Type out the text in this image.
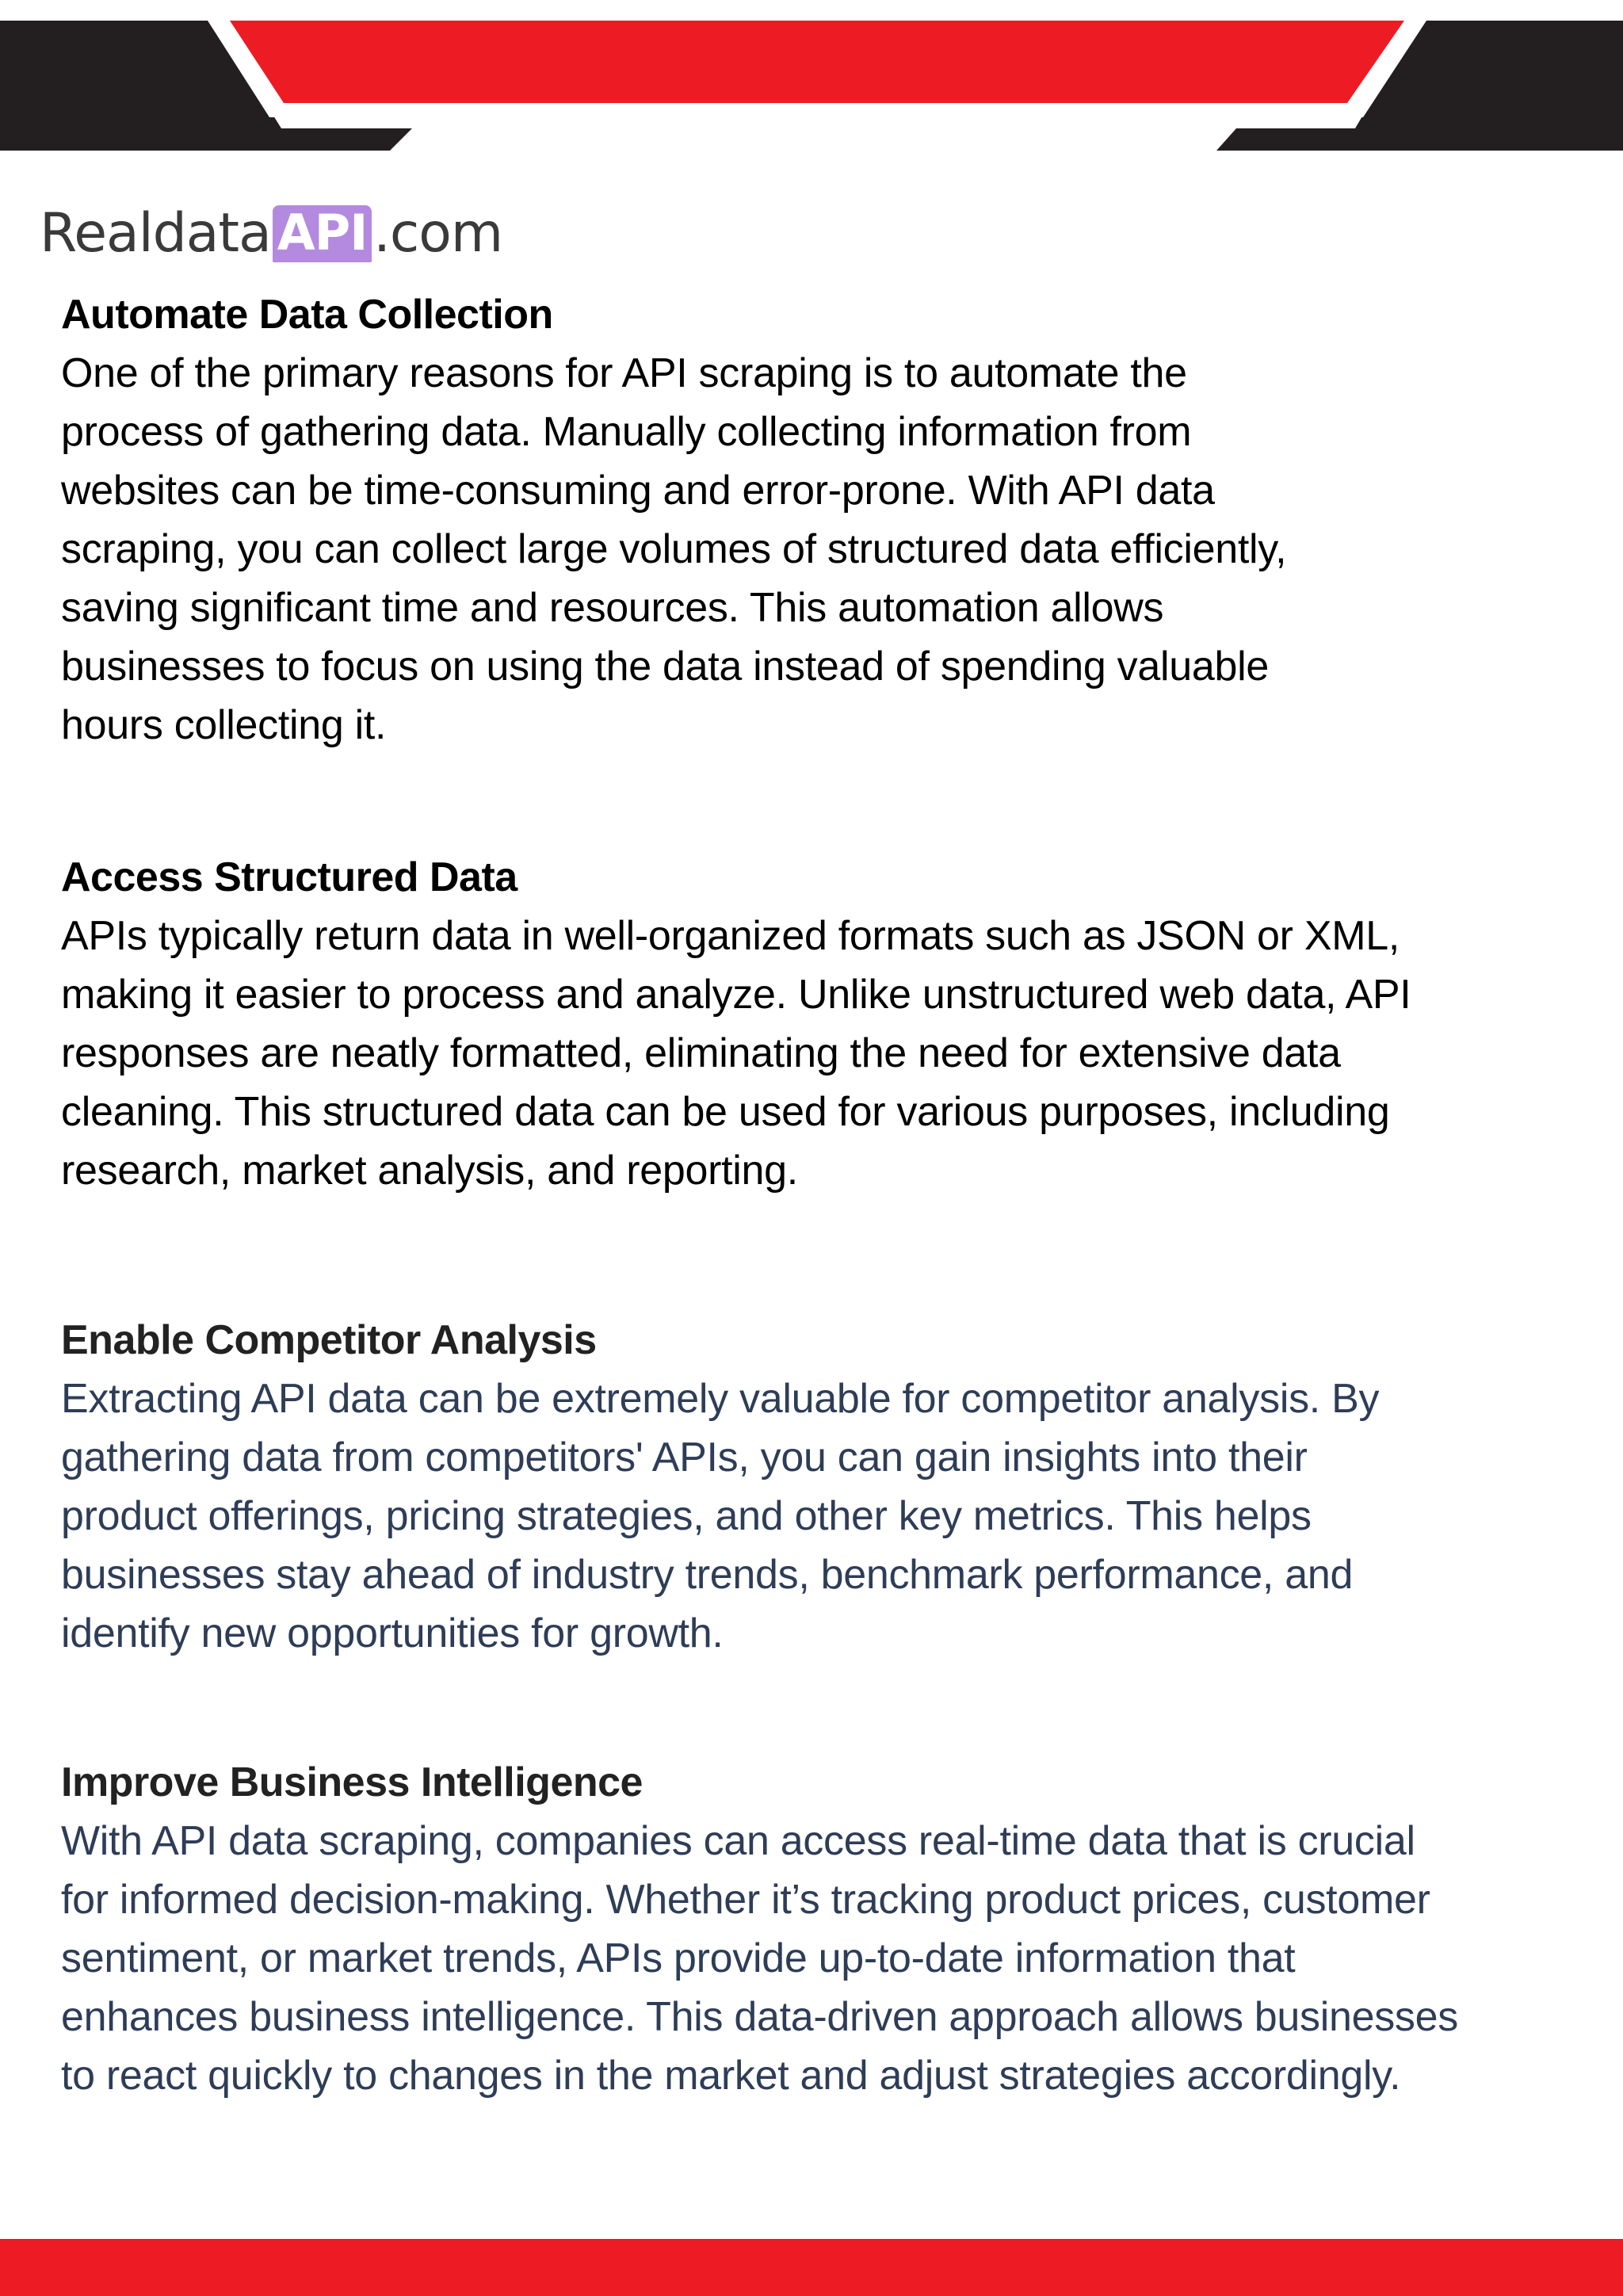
Realdata API .com
Automate Data Collection

One of the primary reasons for API scraping is to automate the
process of gathering data. Manually collecting information from
websites can be time-consuming and error-prone. With API data
scraping, you can collect large volumes of structured data efficiently,
saving significant time and resources. This automation allows
businesses to focus on using the data instead of spending valuable
hours collecting it.

Access Structured Data

APIs typically return data in well-organized formats such as JSON or XML,
making it easier to process and analyze. Unlike unstructured web data, API
responses are neatly formatted, eliminating the need for extensive data
cleaning. This structured data can be used for various purposes, including
research, market analysis, and reporting.

Enable Competitor Analysis

Extracting API data can be extremely valuable for competitor analysis. By
gathering data from competitors' APIs, you can gain insights into their
product offerings, pricing strategies, and other key metrics. This helps
businesses stay ahead of industry trends, benchmark performance, and
identify new opportunities for growth.

Improve Business Intelligence

With API data scraping, companies can access real-time data that is crucial
for informed decision-making. Whether it’s tracking product prices, customer
sentiment, or market trends, APIs provide up-to-date information that
enhances business intelligence. This data-driven approach allows businesses
to react quickly to changes in the market and adjust strategies accordingly.
